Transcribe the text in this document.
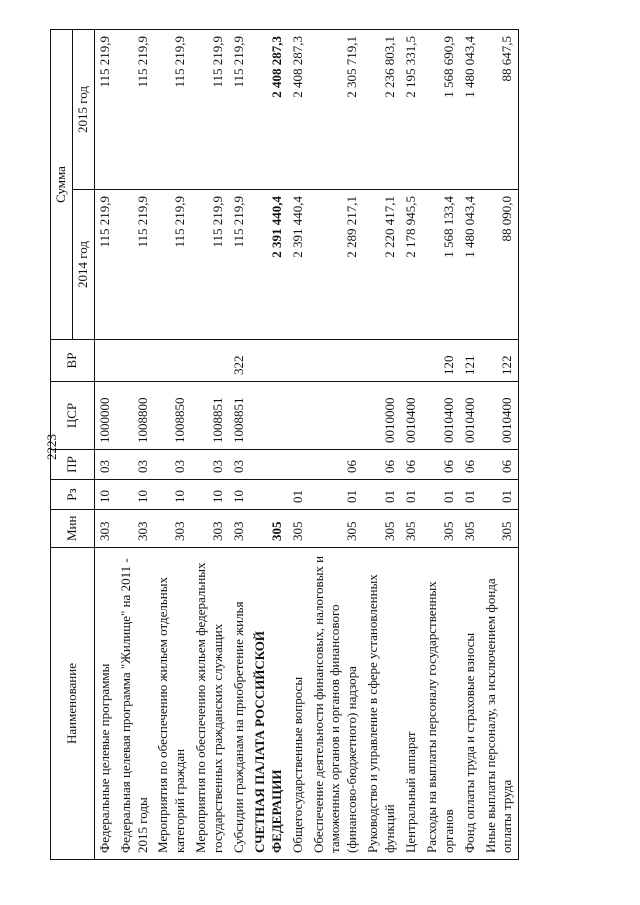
2223
Наименование	Мин	Рз	ПР	ЦСР	ВР	Сумма	
						2014 год	2015 год
Федеральные целевые программы	303	10	03	1000000		115 219,9	115 219,9
Федеральная целевая программа "Жилище" на 2011 - 2015 годы	303	10	03	1008800		115 219,9	115 219,9
Мероприятия по обеспечению жильем отдельных категорий граждан	303	10	03	1008850		115 219,9	115 219,9
Мероприятия по обеспечению жильем федеральных государственных гражданских служащих	303	10	03	1008851		115 219,9	115 219,9
Субсидии гражданам на приобретение жилья	303	10	03	1008851	322	115 219,9	115 219,9
СЧЕТНАЯ ПАЛАТА РОССИЙСКОЙ ФЕДЕРАЦИИ	305					2 391 440,4	2 408 287,3
Общегосударственные вопросы	305	01				2 391 440,4	2 408 287,3
Обеспечение деятельности финансовых, налоговых и таможенных органов и органов финансового (финансово-бюджетного) надзора	305	01	06			2 289 217,1	2 305 719,1
Руководство и управление в сфере установленных функций	305	01	06	0010000		2 220 417,1	2 236 803,1
Центральный аппарат	305	01	06	0010400		2 178 945,5	2 195 331,5
Расходы на выплаты персоналу государственных органов	305	01	06	0010400	120	1 568 133,4	1 568 690,9
Фонд оплаты труда и страховые взносы	305	01	06	0010400	121	1 480 043,4	1 480 043,4
Иные выплаты персоналу, за исключением фонда оплаты труда	305	01	06	0010400	122	88 090,0	88 647,5
